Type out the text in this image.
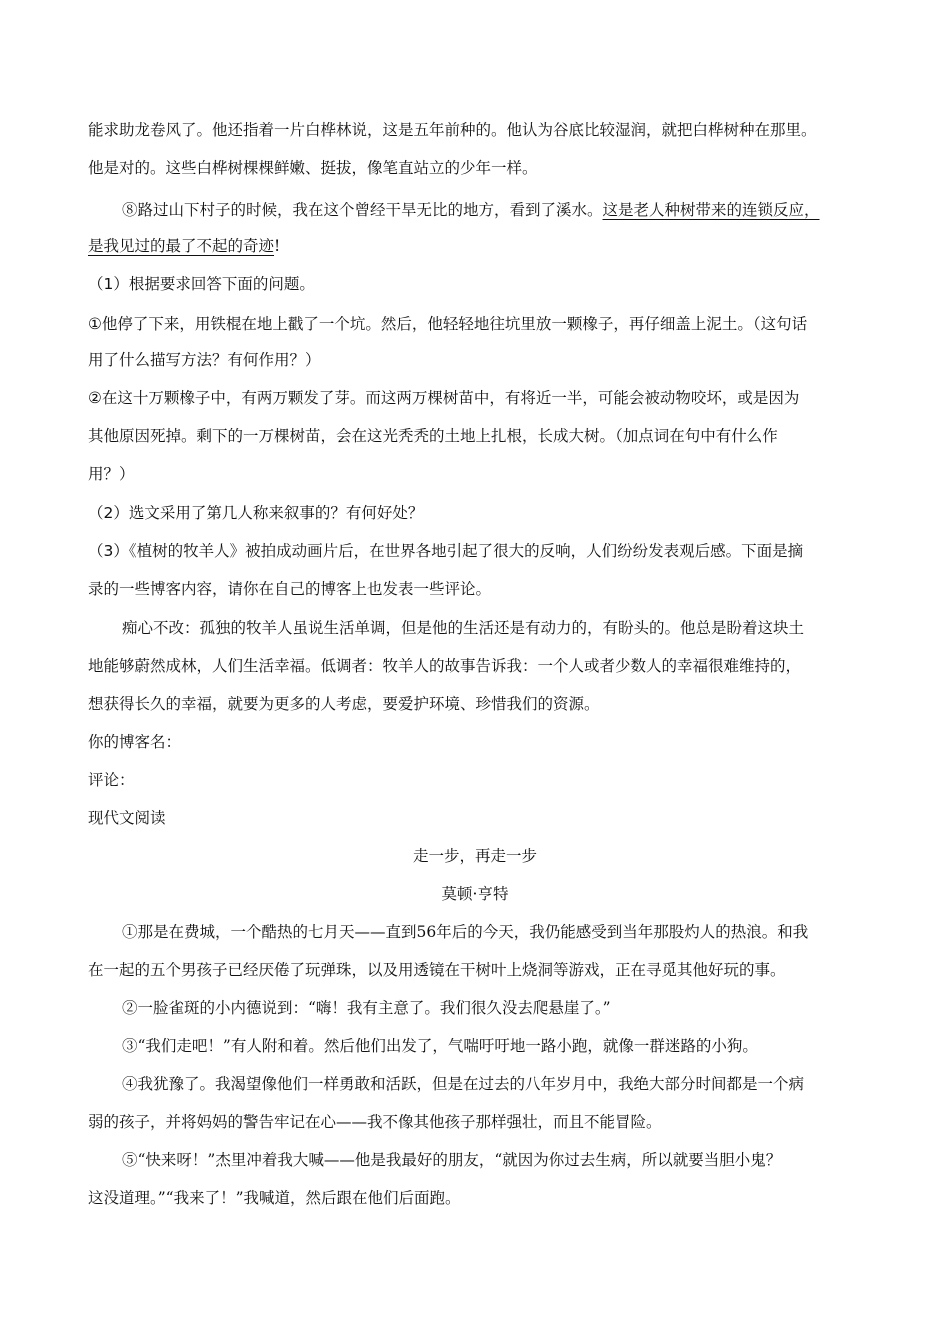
能求助龙卷风了。他还指着一片白桦林说，这是五年前种的。他认为谷底比较湿润，就把白桦树种在那里。
他是对的。这些白桦树棵棵鲜嫩、挺拔，像笔直站立的少年一样。
⑧路过山下村子的时候，我在这个曾经干旱无比的地方，看到了溪水。这是老人种树带来的连锁反应，
是我见过的最了不起的奇迹!
（1）根据要求回答下面的问题。
①他停了下来，用铁棍在地上戳了一个坑。然后，他轻轻地往坑里放一颗橡子，再仔细盖上泥土。（这句话
用了什么描写方法？有何作用？）
②在这十万颗橡子中，有两万颗发了芽。而这两万棵树苗中，有将近一半，可能会被动物咬坏，或是因为
其他原因死掉。剩下的一万棵树苗，会在这光秃秃的土地上扎根，长成大树。（加点词在句中有什么作
用？）
（2）选文采用了第几人称来叙事的？有何好处？
（3）《植树的牧羊人》被拍成动画片后，在世界各地引起了很大的反响，人们纷纷发表观后感。下面是摘
录的一些博客内容，请你在自己的博客上也发表一些评论。
痴心不改：孤独的牧羊人虽说生活单调，但是他的生活还是有动力的，有盼头的。他总是盼着这块土
地能够蔚然成林，人们生活幸福。低调者：牧羊人的故事告诉我：一个人或者少数人的幸福很难维持的，
想获得长久的幸福，就要为更多的人考虑，要爱护环境、珍惜我们的资源。
你的博客名：
评论：
现代文阅读
走一步，再走一步
莫顿·亨特
①那是在费城，一个酷热的七月天——直到56年后的今天，我仍能感受到当年那股灼人的热浪。和我
在一起的五个男孩子已经厌倦了玩弹珠，以及用透镜在干树叶上烧洞等游戏，正在寻觅其他好玩的事。
②一脸雀斑的小内德说到：“嗨！我有主意了。我们很久没去爬悬崖了。”
③“我们走吧！”有人附和着。然后他们出发了，气喘吁吁地一路小跑，就像一群迷路的小狗。
④我犹豫了。我渴望像他们一样勇敢和活跃，但是在过去的八年岁月中，我绝大部分时间都是一个病
弱的孩子，并将妈妈的警告牢记在心——我不像其他孩子那样强壮，而且不能冒险。
⑤“快来呀！”杰里冲着我大喊——他是我最好的朋友，“就因为你过去生病，所以就要当胆小鬼？
这没道理。”“我来了！”我喊道，然后跟在他们后面跑。
